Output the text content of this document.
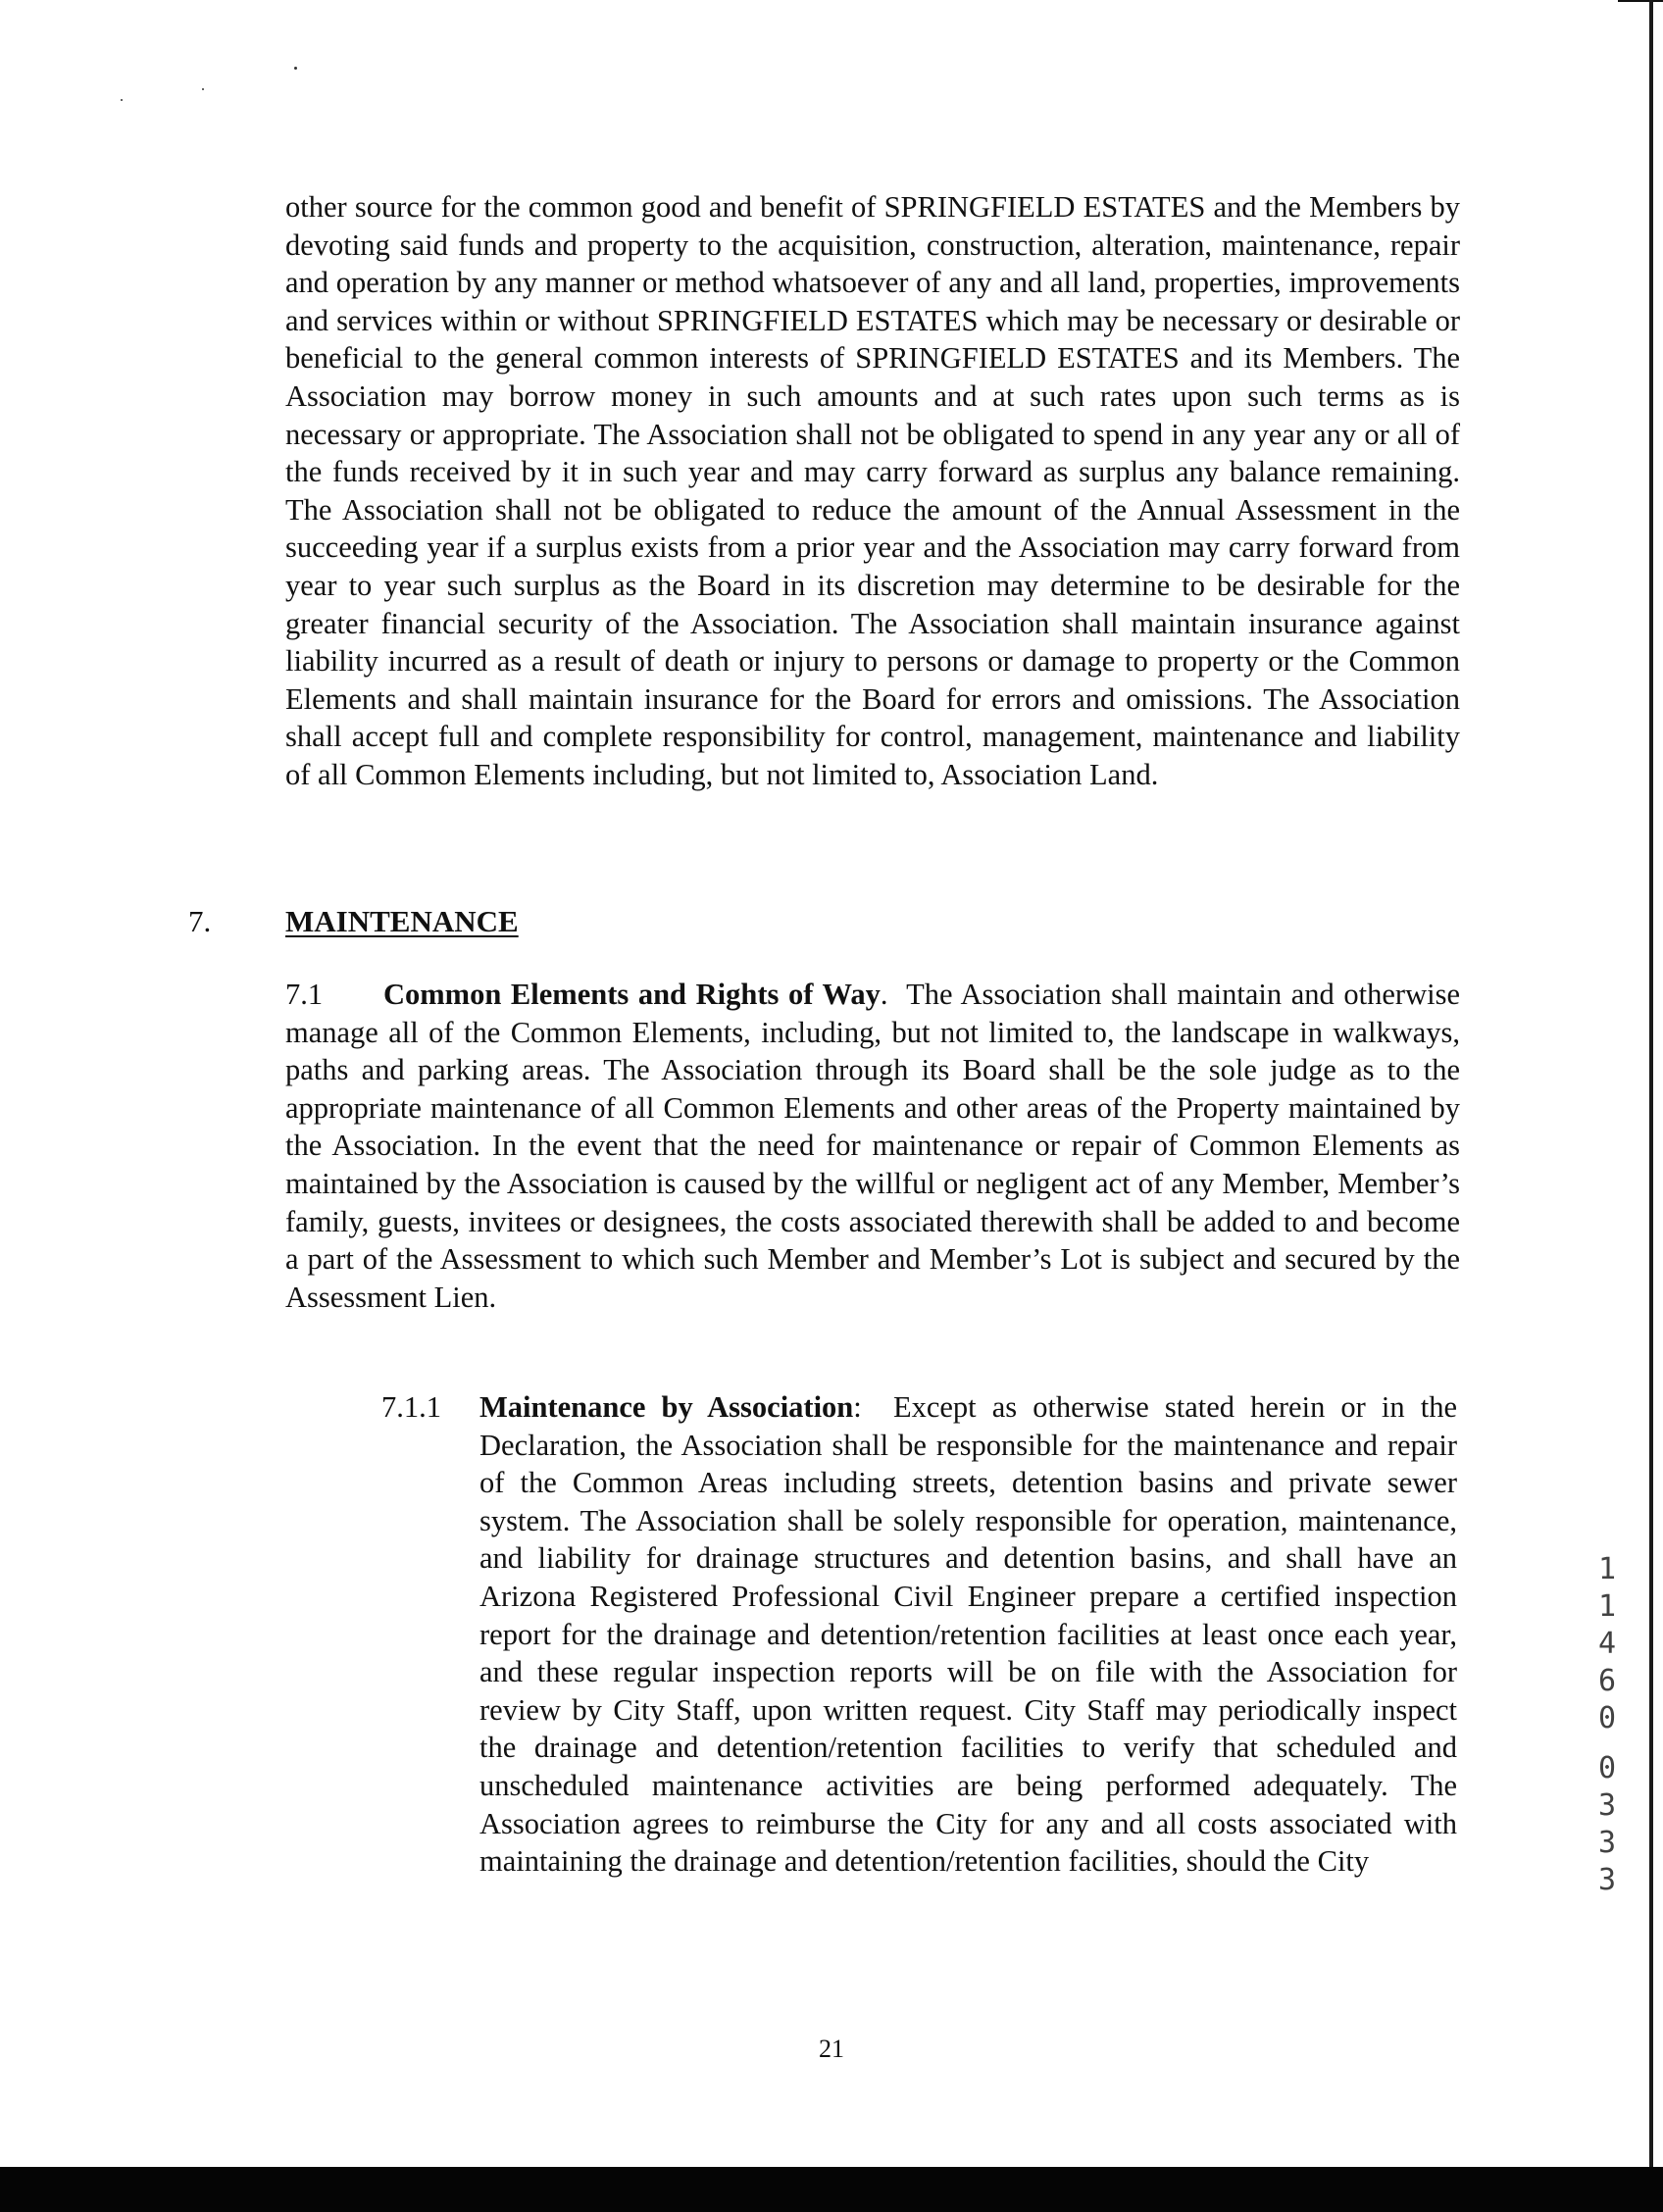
other source for the common good and benefit of SPRINGFIELD ESTATES and the Members by devoting said funds and property to the acquisition, construction, alteration, maintenance, repair and operation by any manner or method whatsoever of any and all land, properties, improvements and services within or without SPRINGFIELD ESTATES which may be necessary or desirable or beneficial to the general common interests of SPRINGFIELD ESTATES and its Members. The Association may borrow money in such amounts and at such rates upon such terms as is necessary or appropriate. The Association shall not be obligated to spend in any year any or all of the funds received by it in such year and may carry forward as surplus any balance remaining. The Association shall not be obligated to reduce the amount of the Annual Assessment in the succeeding year if a surplus exists from a prior year and the Association may carry forward from year to year such surplus as the Board in its discretion may determine to be desirable for the greater financial security of the Association. The Association shall maintain insurance against liability incurred as a result of death or injury to persons or damage to property or the Common Elements and shall maintain insurance for the Board for errors and omissions. The Association shall accept full and complete responsibility for control, management, maintenance and liability of all Common Elements including, but not limited to, Association Land.

7. MAINTENANCE

7.1 Common Elements and Rights of Way. The Association shall maintain and otherwise manage all of the Common Elements, including, but not limited to, the landscape in walkways, paths and parking areas. The Association through its Board shall be the sole judge as to the appropriate maintenance of all Common Elements and other areas of the Property maintained by the Association. In the event that the need for maintenance or repair of Common Elements as maintained by the Association is caused by the willful or negligent act of any Member, Member’s family, guests, invitees or designees, the costs associated therewith shall be added to and become a part of the Assessment to which such Member and Member’s Lot is subject and secured by the Assessment Lien.

7.1.1 Maintenance by Association: Except as otherwise stated herein or in the Declaration, the Association shall be responsible for the maintenance and repair of the Common Areas including streets, detention basins and private sewer system. The Association shall be solely responsible for operation, maintenance, and liability for drainage structures and detention basins, and shall have an Arizona Registered Professional Civil Engineer prepare a certified inspection report for the drainage and detention/retention facilities at least once each year, and these regular inspection reports will be on file with the Association for review by City Staff, upon written request. City Staff may periodically inspect the drainage and detention/retention facilities to verify that scheduled and unscheduled maintenance activities are being performed adequately. The Association agrees to reimburse the City for any and all costs associated with maintaining the drainage and detention/retention facilities, should the City

21
1
1
4
6
0
0
3
3
3
